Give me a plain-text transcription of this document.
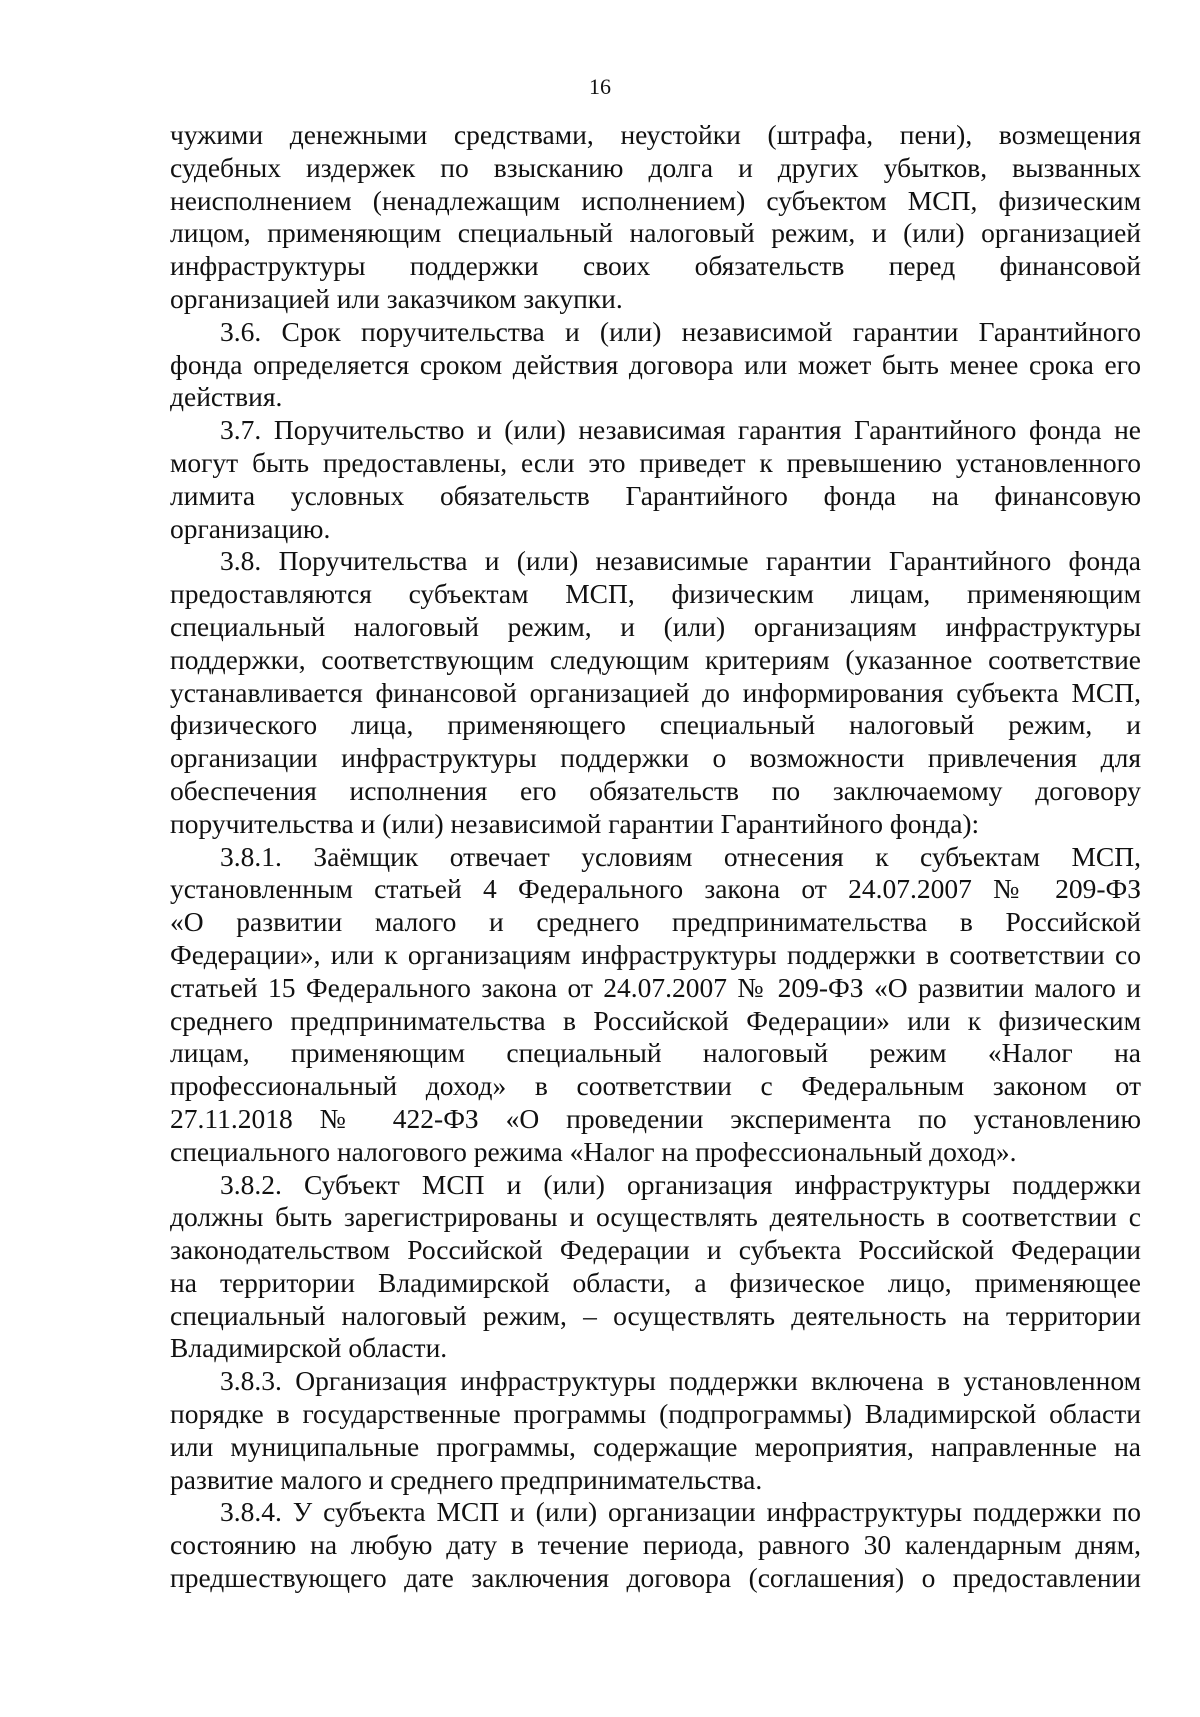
16
чужими денежными средствами, неустойки (штрафа, пени), возмещения
судебных издержек по взысканию долга и других убытков, вызванных
неисполнением (ненадлежащим исполнением) субъектом МСП, физическим
лицом, применяющим специальный налоговый режим, и (или) организацией
инфраструктуры поддержки своих обязательств перед финансовой
организацией или заказчиком закупки.
3.6. Срок поручительства и (или) независимой гарантии Гарантийного
фонда определяется сроком действия договора или может быть менее срока его
действия.
3.7. Поручительство и (или) независимая гарантия Гарантийного фонда не
могут быть предоставлены, если это приведет к превышению установленного
лимита условных обязательств Гарантийного фонда на финансовую
организацию.
3.8. Поручительства и (или) независимые гарантии Гарантийного фонда
предоставляются субъектам МСП, физическим лицам, применяющим
специальный налоговый режим, и (или) организациям инфраструктуры
поддержки, соответствующим следующим критериям (указанное соответствие
устанавливается финансовой организацией до информирования субъекта МСП,
физического лица, применяющего специальный налоговый режим, и
организации инфраструктуры поддержки о возможности привлечения для
обеспечения исполнения его обязательств по заключаемому договору
поручительства и (или) независимой гарантии Гарантийного фонда):
3.8.1. Заёмщик отвечает условиям отнесения к субъектам МСП,
установленным статьей 4 Федерального закона от 24.07.2007 № 209-ФЗ
«О развитии малого и среднего предпринимательства в Российской
Федерации», или к организациям инфраструктуры поддержки в соответствии со
статьей 15 Федерального закона от 24.07.2007 № 209-ФЗ «О развитии малого и
среднего предпринимательства в Российской Федерации» или к физическим
лицам, применяющим специальный налоговый режим «Налог на
профессиональный доход» в соответствии с Федеральным законом от
27.11.2018 № 422-ФЗ «О проведении эксперимента по установлению
специального налогового режима «Налог на профессиональный доход».
3.8.2. Субъект МСП и (или) организация инфраструктуры поддержки
должны быть зарегистрированы и осуществлять деятельность в соответствии с
законодательством Российской Федерации и субъекта Российской Федерации
на территории Владимирской области, а физическое лицо, применяющее
специальный налоговый режим, – осуществлять деятельность на территории
Владимирской области.
3.8.3. Организация инфраструктуры поддержки включена в установленном
порядке в государственные программы (подпрограммы) Владимирской области
или муниципальные программы, содержащие мероприятия, направленные на
развитие малого и среднего предпринимательства.
3.8.4. У субъекта МСП и (или) организации инфраструктуры поддержки по
состоянию на любую дату в течение периода, равного 30 календарным дням,
предшествующего дате заключения договора (соглашения) о предоставлении
